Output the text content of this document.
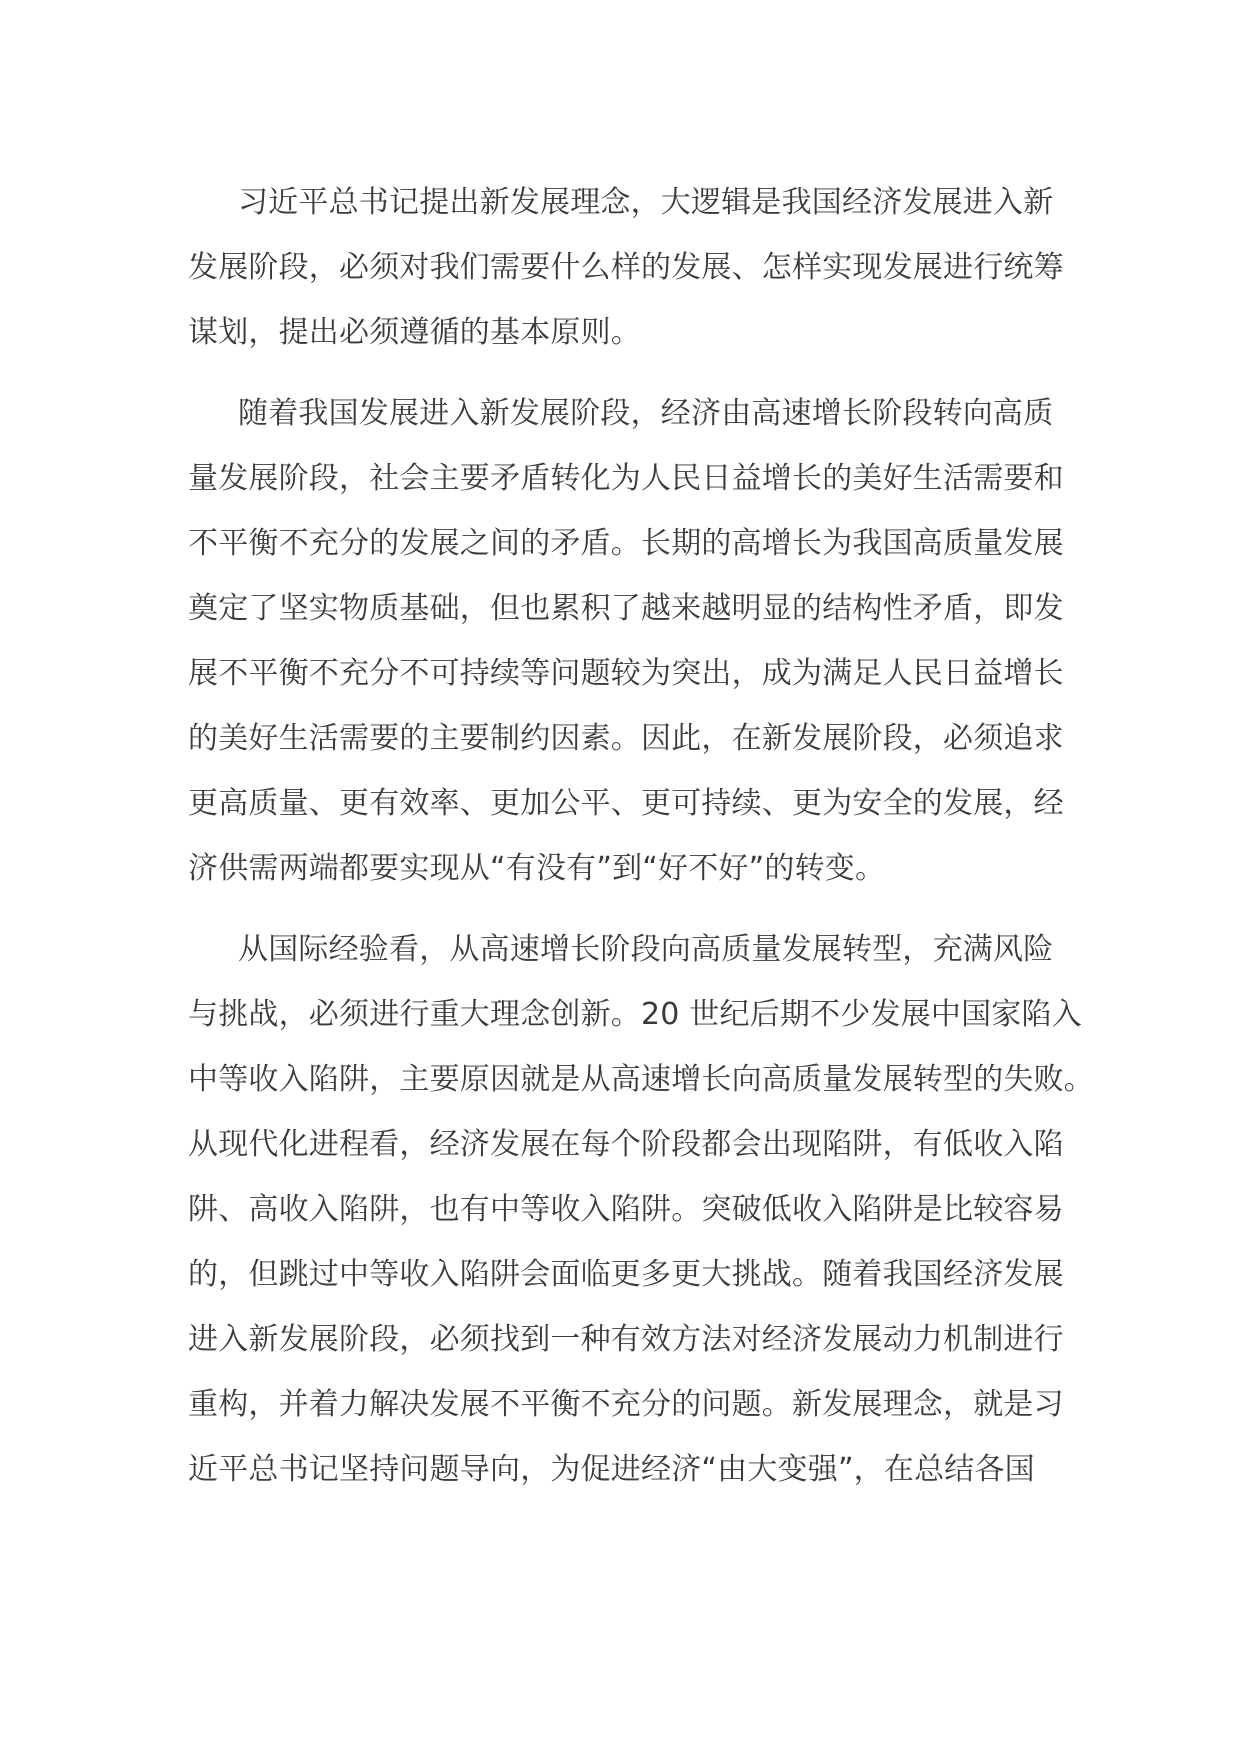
习近平总书记提出新发展理念，大逻辑是我国经济发展进入新
发展阶段，必须对我们需要什么样的发展、怎样实现发展进行统筹
谋划，提出必须遵循的基本原则。

随着我国发展进入新发展阶段，经济由高速增长阶段转向高质
量发展阶段，社会主要矛盾转化为人民日益增长的美好生活需要和
不平衡不充分的发展之间的矛盾。长期的高增长为我国高质量发展
奠定了坚实物质基础，但也累积了越来越明显的结构性矛盾，即发
展不平衡不充分不可持续等问题较为突出，成为满足人民日益增长
的美好生活需要的主要制约因素。因此，在新发展阶段，必须追求
更高质量、更有效率、更加公平、更可持续、更为安全的发展，经
济供需两端都要实现从“有没有”到“好不好”的转变。

从国际经验看，从高速增长阶段向高质量发展转型，充满风险
与挑战，必须进行重大理念创新。20 世纪后期不少发展中国家陷入
中等收入陷阱，主要原因就是从高速增长向高质量发展转型的失败。
从现代化进程看，经济发展在每个阶段都会出现陷阱，有低收入陷
阱、高收入陷阱，也有中等收入陷阱。突破低收入陷阱是比较容易
的，但跳过中等收入陷阱会面临更多更大挑战。随着我国经济发展
进入新发展阶段，必须找到一种有效方法对经济发展动力机制进行
重构，并着力解决发展不平衡不充分的问题。新发展理念，就是习
近平总书记坚持问题导向，为促进经济“由大变强”，在总结各国
